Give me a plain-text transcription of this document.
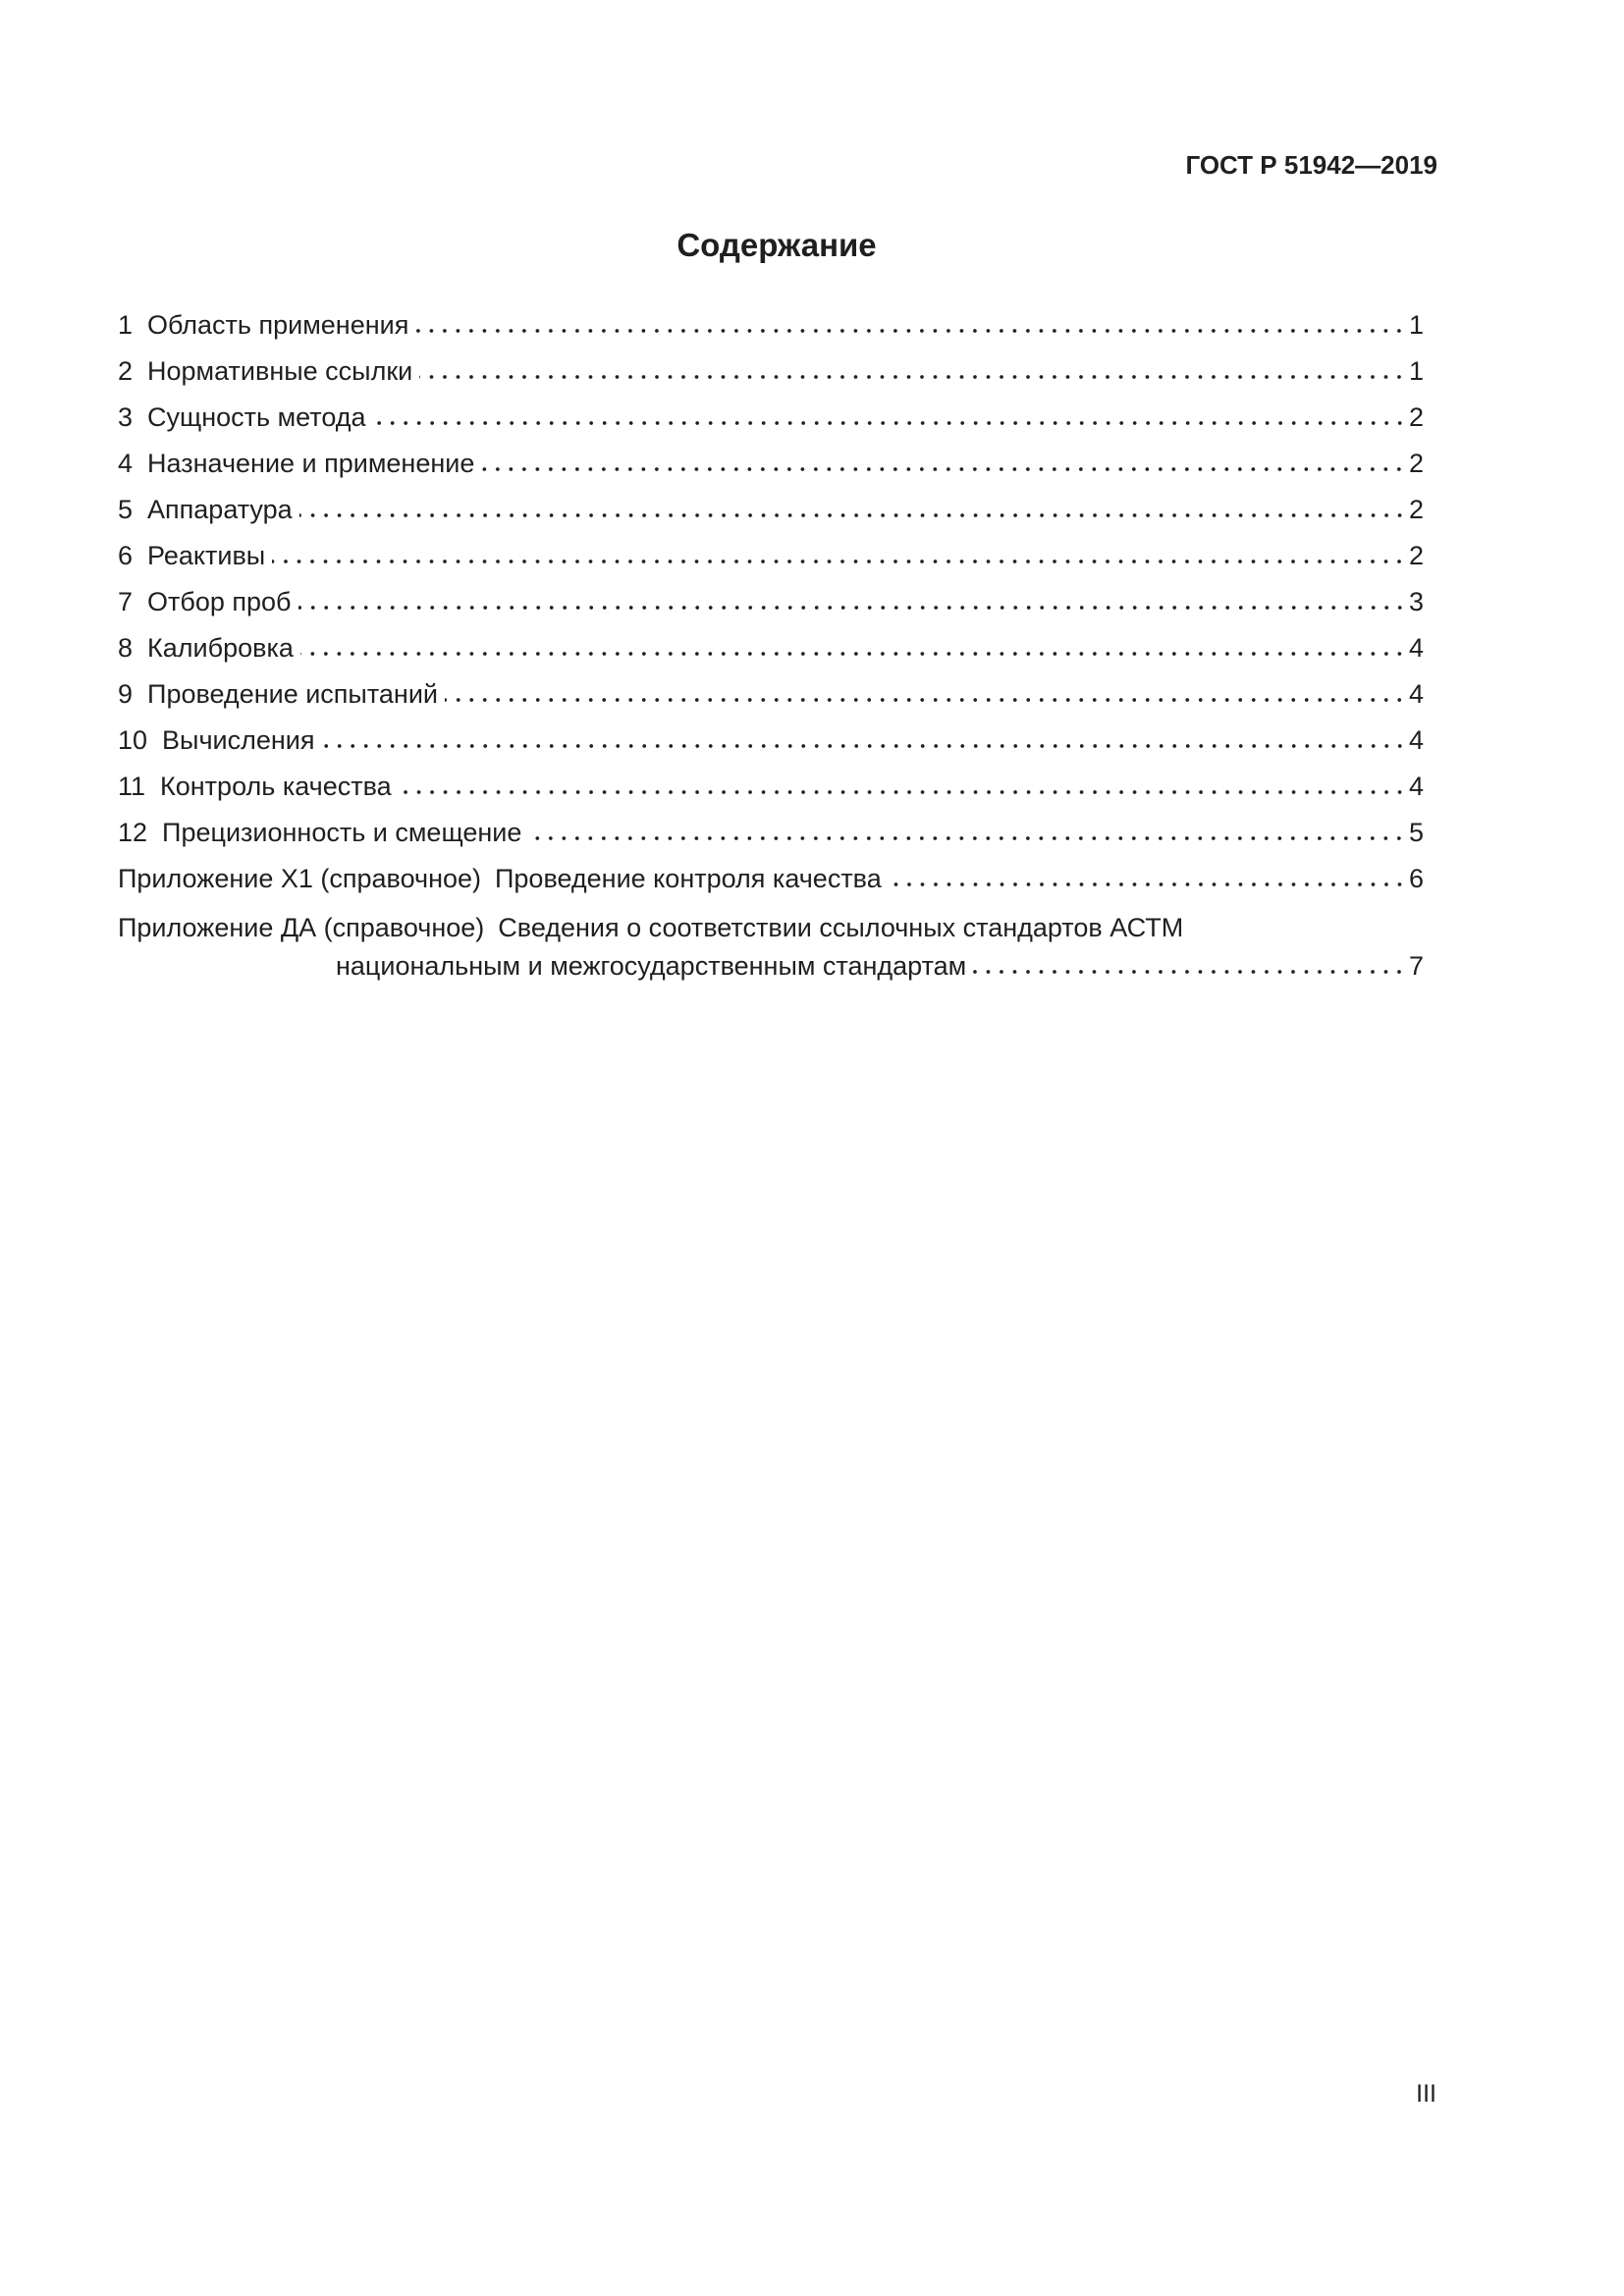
ГОСТ Р 51942—2019
Содержание
1 Область применения	1
2 Нормативные ссылки	1
3 Сущность метода	2
4 Назначение и применение	2
5 Аппаратура	2
6 Реактивы	2
7 Отбор проб	3
8 Калибровка	4
9 Проведение испытаний	4
10 Вычисления	4
11 Контроль качества	4
12 Прецизионность и смещение	5
Приложение X1 (справочное) Проведение контроля качества	6
Приложение ДА (справочное) Сведения о соответствии ссылочных стандартов АСТМ
национальным и межгосударственным стандартам	7
III
